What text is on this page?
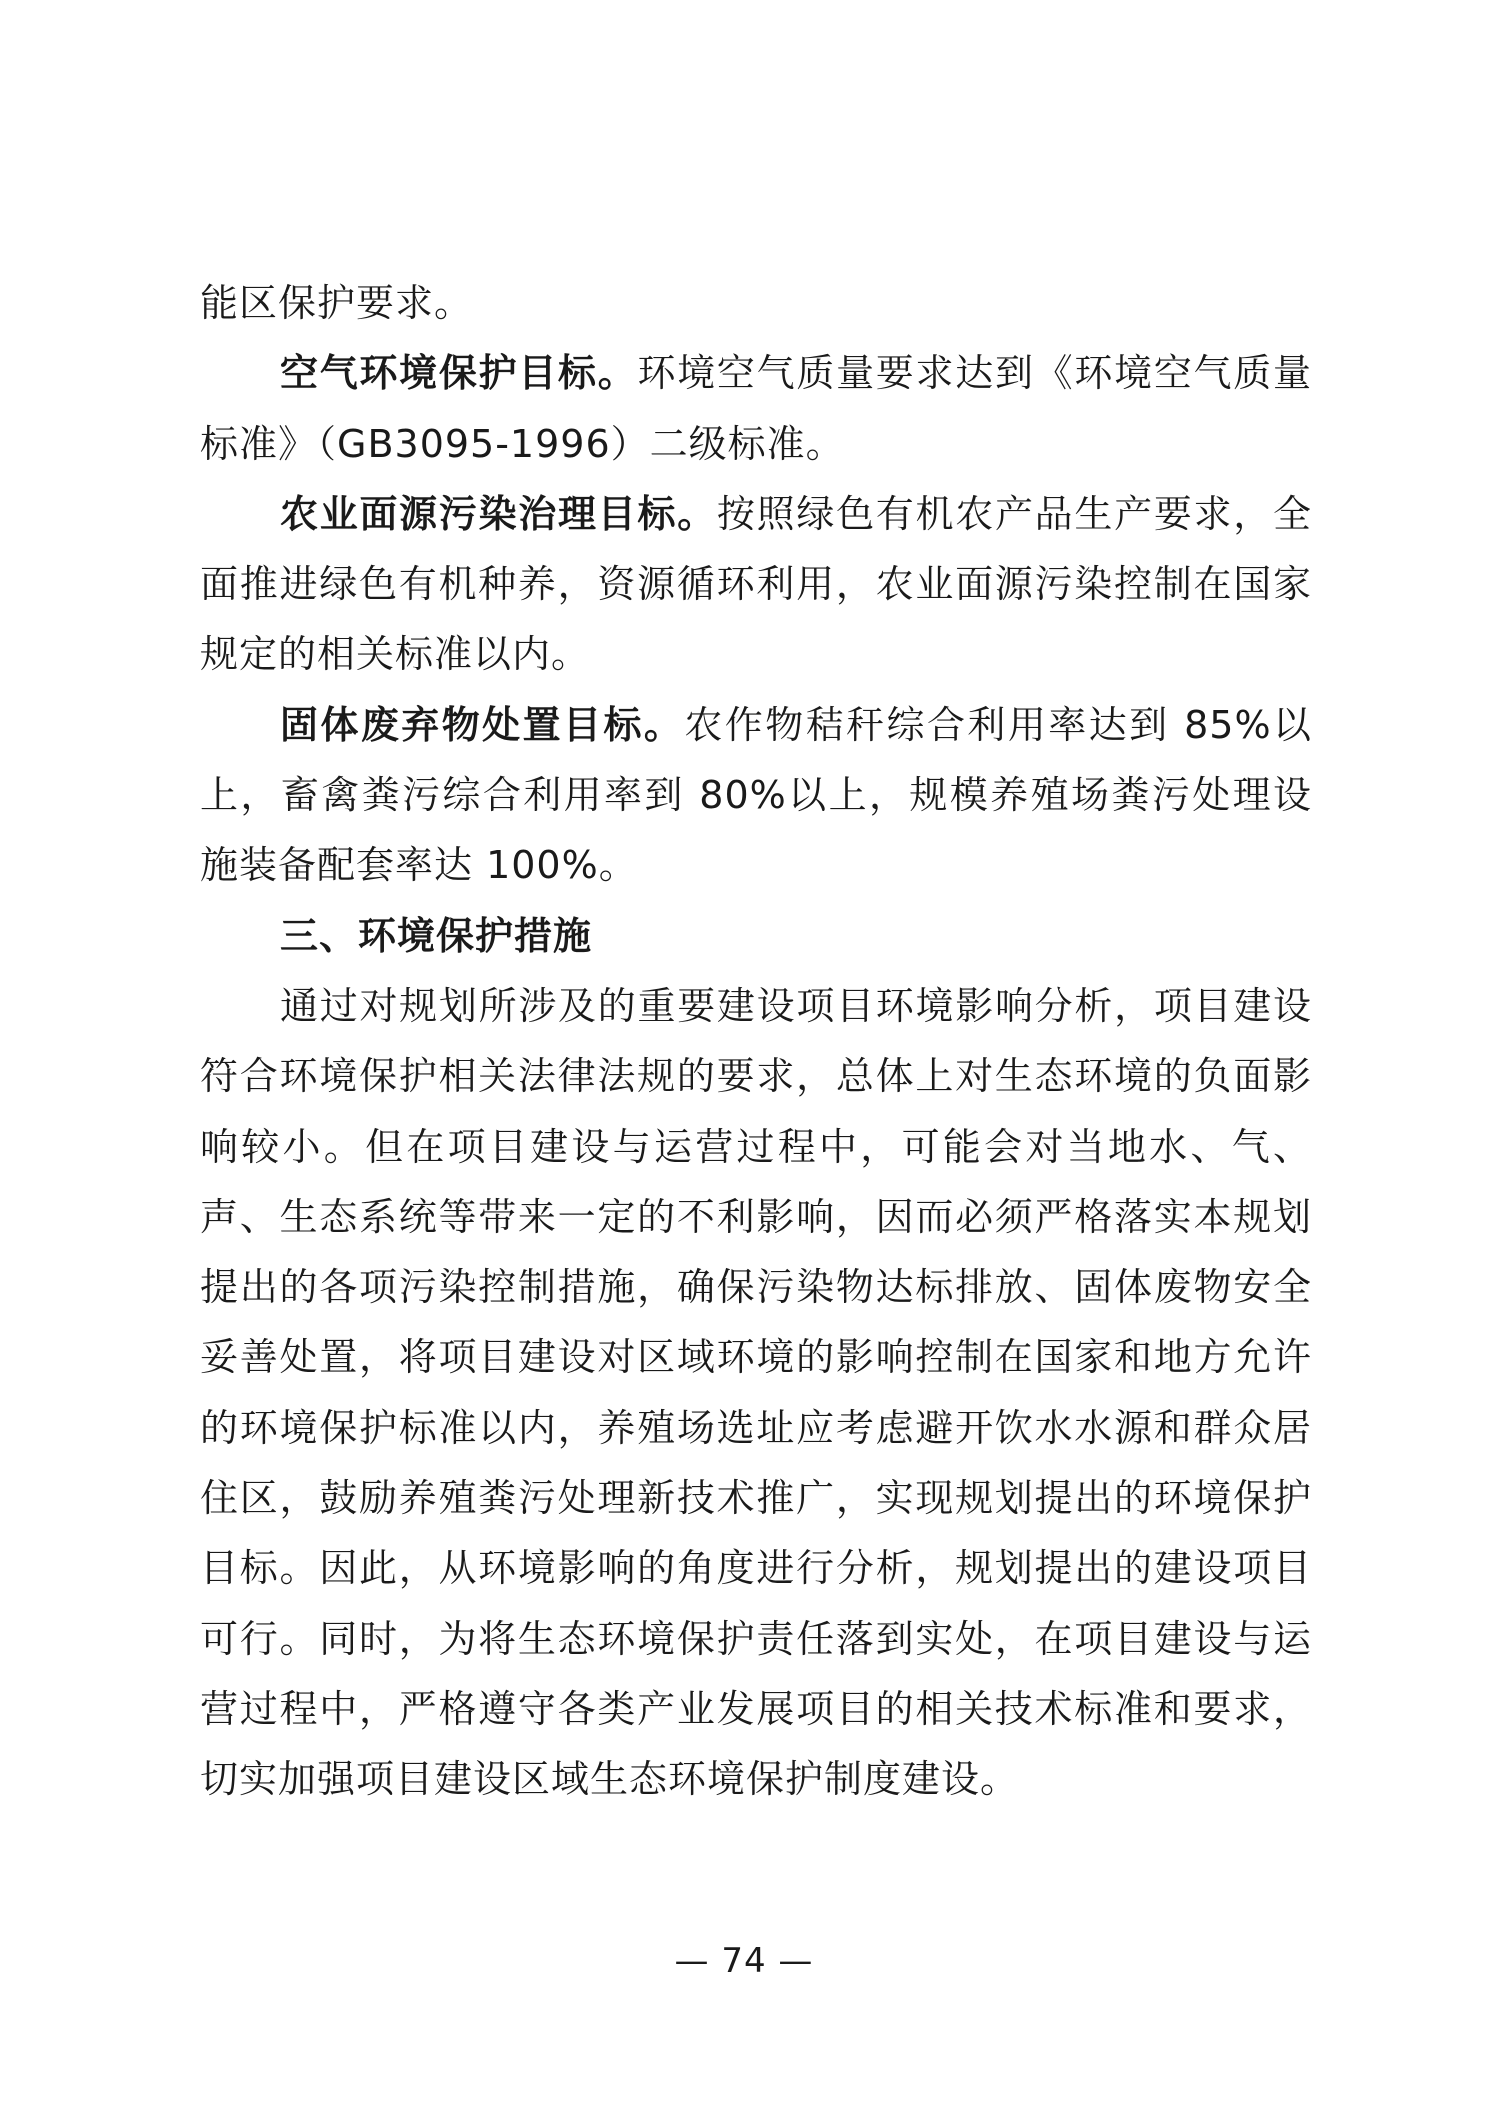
能区保护要求。

空气环境保护目标。环境空气质量要求达到《环境空气质量标准》（GB3095-1996）二级标准。

农业面源污染治理目标。按照绿色有机农产品生产要求，全面推进绿色有机种养，资源循环利用，农业面源污染控制在国家规定的相关标准以内。

固体废弃物处置目标。农作物秸秆综合利用率达到 85%以上，畜禽粪污综合利用率到 80%以上，规模养殖场粪污处理设施装备配套率达 100%。

三、环境保护措施

通过对规划所涉及的重要建设项目环境影响分析，项目建设符合环境保护相关法律法规的要求，总体上对生态环境的负面影响较小。但在项目建设与运营过程中，可能会对当地水、气、声、生态系统等带来一定的不利影响，因而必须严格落实本规划提出的各项污染控制措施，确保污染物达标排放、固体废物安全妥善处置，将项目建设对区域环境的影响控制在国家和地方允许的环境保护标准以内，养殖场选址应考虑避开饮水水源和群众居住区，鼓励养殖粪污处理新技术推广，实现规划提出的环境保护目标。因此，从环境影响的角度进行分析，规划提出的建设项目可行。同时，为将生态环境保护责任落到实处，在项目建设与运营过程中，严格遵守各类产业发展项目的相关技术标准和要求，切实加强项目建设区域生态环境保护制度建设。

— 74 —
